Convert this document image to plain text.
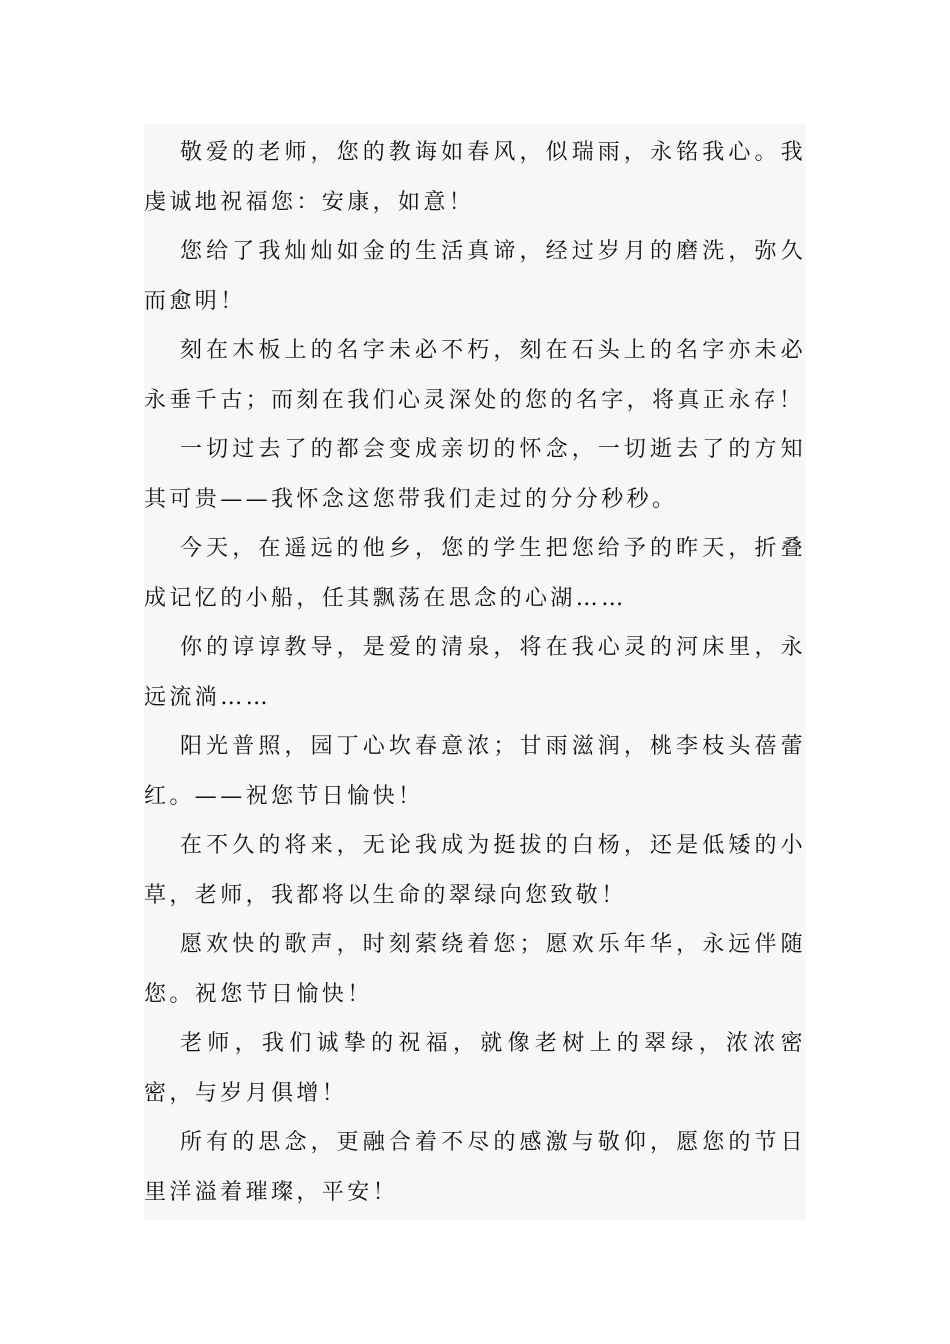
敬爱的老师，您的教诲如春风，似瑞雨，永铭我心。我虔诚地祝福您：安康，如意！

您给了我灿灿如金的生活真谛，经过岁月的磨洗，弥久而愈明！

刻在木板上的名字未必不朽，刻在石头上的名字亦未必永垂千古；而刻在我们心灵深处的您的名字，将真正永存！

一切过去了的都会变成亲切的怀念，一切逝去了的方知其可贵——我怀念这您带我们走过的分分秒秒。

今天，在遥远的他乡，您的学生把您给予的昨天，折叠成记忆的小船，任其飘荡在思念的心湖……

你的谆谆教导，是爱的清泉，将在我心灵的河床里，永远流淌……

阳光普照，园丁心坎春意浓；甘雨滋润，桃李枝头蓓蕾红。——祝您节日愉快！

在不久的将来，无论我成为挺拔的白杨，还是低矮的小草，老师，我都将以生命的翠绿向您致敬！

愿欢快的歌声，时刻萦绕着您；愿欢乐年华，永远伴随您。祝您节日愉快！

老师，我们诚挚的祝福，就像老树上的翠绿，浓浓密密，与岁月俱增！

所有的思念，更融合着不尽的感激与敬仰，愿您的节日里洋溢着璀璨，平安！
